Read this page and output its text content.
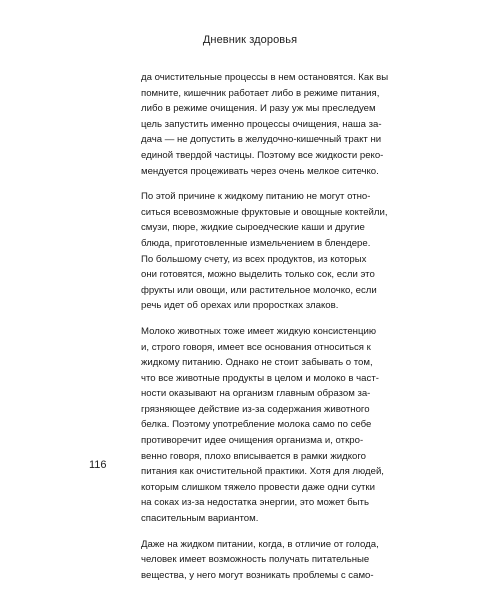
Дневник здоровья

да очистительные процессы в нем остановятся. Как вы
помните, кишечник работает либо в режиме питания,
либо в режиме очищения. И разу уж мы преследуем
цель запустить именно процессы очищения, наша за-
дача — не допустить в желудочно-кишечный тракт ни
единой твердой частицы. Поэтому все жидкости реко-
мендуется процеживать через очень мелкое ситечко.

По этой причине к жидкому питанию не могут отно-
ситься всевозможные фруктовые и овощные коктейли,
смузи, пюре, жидкие сыроедческие каши и другие
блюда, приготовленные измельчением в блендере.
По большому счету, из всех продуктов, из которых
они готовятся, можно выделить только сок, если это
фрукты или овощи, или растительное молочко, если
речь идет об орехах или проростках злаков.

Молоко животных тоже имеет жидкую консистенцию
и, строго говоря, имеет все основания относиться к
жидкому питанию. Однако не стоит забывать о том,
что все животные продукты в целом и молоко в част-
ности оказывают на организм главным образом за-
грязняющее действие из-за содержания животного
белка. Поэтому употребление молока само по себе
противоречит идее очищения организма и, откро-
венно говоря, плохо вписывается в рамки жидкого
питания как очистительной практики. Хотя для людей,
которым слишком тяжело провести даже одни сутки
на соках из-за недостатка энергии, это может быть
спасительным вариантом.

Даже на жидком питании, когда, в отличие от голода,
человек имеет возможность получать питательные
вещества, у него могут возникать проблемы с само-

116
